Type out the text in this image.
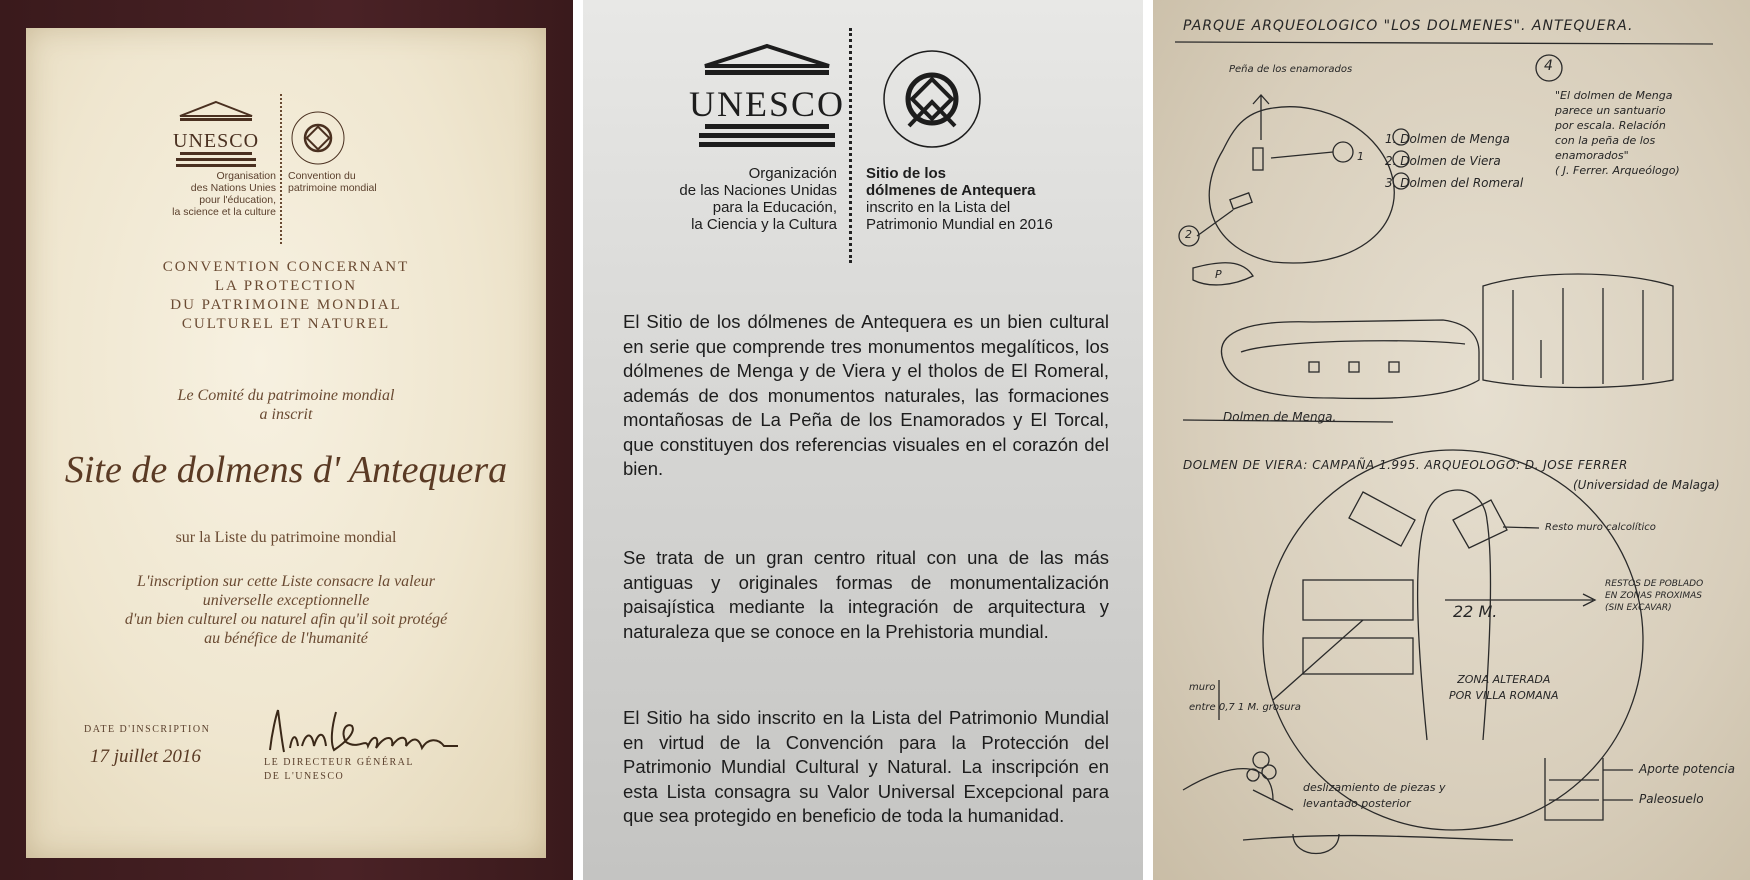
UNESCO
Organisation
des Nations Unies
pour l'éducation,
la science et la culture
Convention du
patrimoine mondial
CONVENTION CONCERNANT
LA PROTECTION
DU PATRIMOINE MONDIAL
CULTUREL ET NATUREL
Le Comité du patrimoine mondial
a inscrit
Site de dolmens d' Antequera
sur la Liste du patrimoine mondial
L'inscription sur cette Liste consacre la valeur
universelle exceptionnelle
d'un bien culturel ou naturel afin qu'il soit protégé
au bénéfice de l'humanité
DATE D'INSCRIPTION
17 juillet 2016	LE DIRECTEUR GÉNÉRAL
DE L'UNESCO
UNESCO
Organización
de las Naciones Unidas
para la Educación,
la Ciencia y la Cultura
Sitio de los
dólmenes de Antequera
inscrito en la Lista del
Patrimonio Mundial en 2016
El Sitio de los dólmenes de Antequera es un bien cultural en serie que comprende tres monumentos megalíticos, los dólmenes de Menga y de Viera y el tholos de El Romeral, además de dos monumentos naturales, las formaciones montañosas de La Peña de los Enamorados y El Torcal, que constituyen dos referencias visuales en el corazón del bien.
Se trata de un gran centro ritual con una de las más antiguas y originales formas de monumentalización paisajística mediante la integración de arquitectura y naturaleza que se conoce en la Prehistoria mundial.
El Sitio ha sido inscrito en la Lista del Patrimonio Mundial en virtud de la Convención para la Protección del Patrimonio Mundial Cultural y Natural. La inscripción en esta Lista consagra su Valor Universal Excepcional para que sea protegido en beneficio de toda la humanidad.
PARQUE ARQUEOLOGICO "LOS DOLMENES". ANTEQUERA.
Peña de los enamorados	4
1
2
P
1. Dolmen de Menga
2. Dolmen de Viera
3. Dolmen del Romeral
"El dolmen de Menga
parece un santuario
por escala. Relación
con la peña de los
enamorados"
( J. Ferrer. Arqueólogo)
Dolmen de Menga.
DOLMEN DE VIERA: CAMPAÑA 1.995. ARQUEOLOGO: D. JOSE FERRER
(Universidad de Malaga)
Resto muro calcolítico
RESTOS DE POBLADO
EN ZONAS PROXIMAS
(SIN EXCAVAR)
22 M.
ZONA ALTERADA
POR VILLA ROMANA
muro
entre 0,7 1 M. grosura
deslizamiento de piezas y
levantado posterior
Aporte potencia
Paleosuelo
